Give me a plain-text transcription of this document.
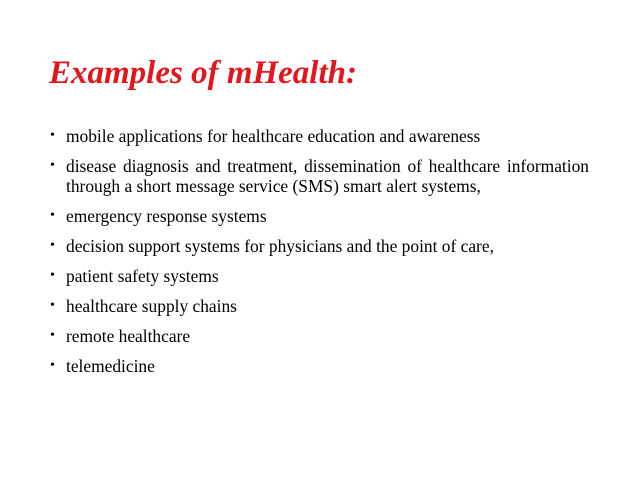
Examples of mHealth:
• mobile applications for healthcare education and awareness
• disease diagnosis and treatment, dissemination of healthcare information through a short message service (SMS) smart alert systems,
• emergency response systems
• decision support systems for physicians and the point of care,
• patient safety systems
• healthcare supply chains
• remote healthcare
• telemedicine
